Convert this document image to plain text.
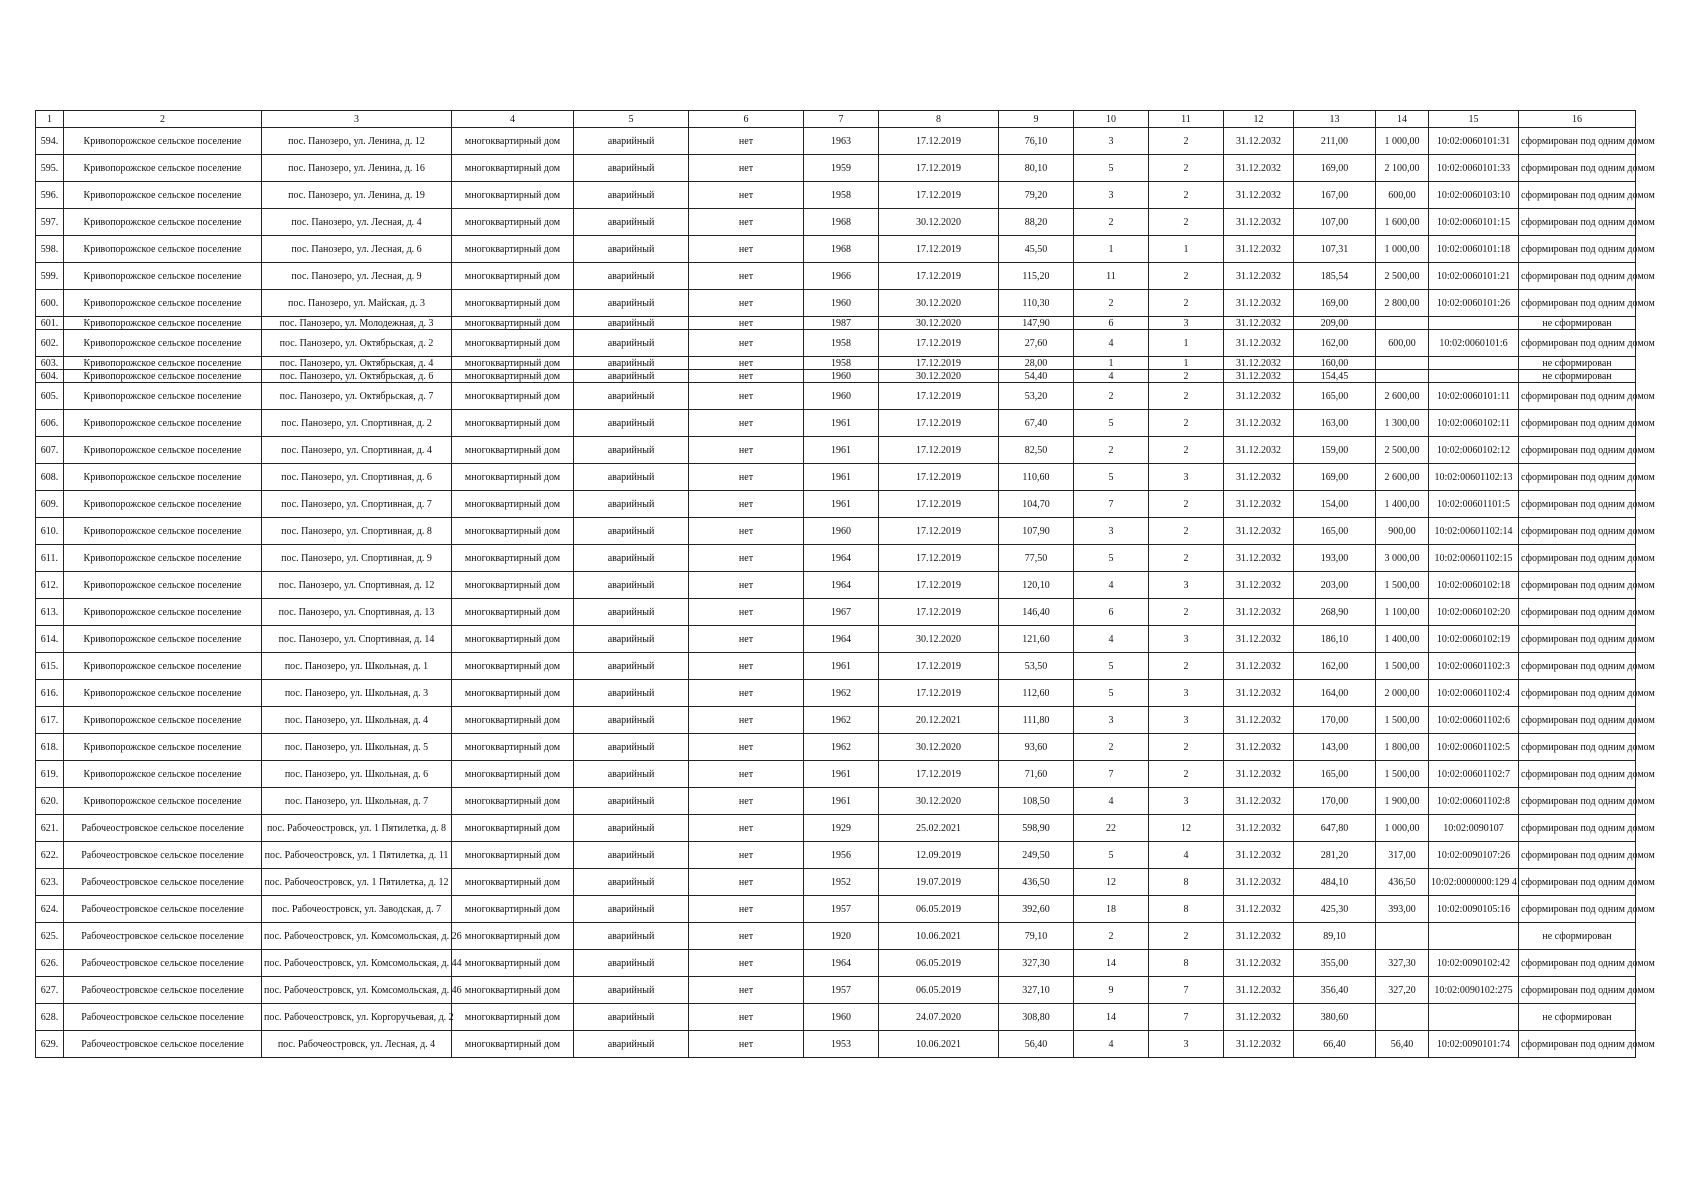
1	2	3	4	5	6	7	8	9	10	11	12	13	14	15	16
594.	Кривопорожское сельское поселение	пос. Панозеро, ул. Ленина, д. 12	многоквартирный дом	аварийный	нет	1963	17.12.2019	76,10	3	2	31.12.2032	211,00	1 000,00	10:02:0060101:31	сформирован под одним домом
595.	Кривопорожское сельское поселение	пос. Панозеро, ул. Ленина, д. 16	многоквартирный дом	аварийный	нет	1959	17.12.2019	80,10	5	2	31.12.2032	169,00	2 100,00	10:02:0060101:33	сформирован под одним домом
596.	Кривопорожское сельское поселение	пос. Панозеро, ул. Ленина, д. 19	многоквартирный дом	аварийный	нет	1958	17.12.2019	79,20	3	2	31.12.2032	167,00	600,00	10:02:0060103:10	сформирован под одним домом
597.	Кривопорожское сельское поселение	пос. Панозеро, ул. Лесная, д. 4	многоквартирный дом	аварийный	нет	1968	30.12.2020	88,20	2	2	31.12.2032	107,00	1 600,00	10:02:0060101:15	сформирован под одним домом
598.	Кривопорожское сельское поселение	пос. Панозеро, ул. Лесная, д. 6	многоквартирный дом	аварийный	нет	1968	17.12.2019	45,50	1	1	31.12.2032	107,31	1 000,00	10:02:0060101:18	сформирован под одним домом
599.	Кривопорожское сельское поселение	пос. Панозеро, ул. Лесная, д. 9	многоквартирный дом	аварийный	нет	1966	17.12.2019	115,20	11	2	31.12.2032	185,54	2 500,00	10:02:0060101:21	сформирован под одним домом
600.	Кривопорожское сельское поселение	пос. Панозеро, ул. Майская, д. 3	многоквартирный дом	аварийный	нет	1960	30.12.2020	110,30	2	2	31.12.2032	169,00	2 800,00	10:02:0060101:26	сформирован под одним домом
601.	Кривопорожское сельское поселение	пос. Панозеро, ул. Молодежная, д. 3	многоквартирный дом	аварийный	нет	1987	30.12.2020	147,90	6	3	31.12.2032	209,00			не сформирован
602.	Кривопорожское сельское поселение	пос. Панозеро, ул. Октябрьская, д. 2	многоквартирный дом	аварийный	нет	1958	17.12.2019	27,60	4	1	31.12.2032	162,00	600,00	10:02:0060101:6	сформирован под одним домом
603.	Кривопорожское сельское поселение	пос. Панозеро, ул. Октябрьская, д. 4	многоквартирный дом	аварийный	нет	1958	17.12.2019	28,00	1	1	31.12.2032	160,00			не сформирован
604.	Кривопорожское сельское поселение	пос. Панозеро, ул. Октябрьская, д. 6	многоквартирный дом	аварийный	нет	1960	30.12.2020	54,40	4	2	31.12.2032	154,45			не сформирован
605.	Кривопорожское сельское поселение	пос. Панозеро, ул. Октябрьская, д. 7	многоквартирный дом	аварийный	нет	1960	17.12.2019	53,20	2	2	31.12.2032	165,00	2 600,00	10:02:0060101:11	сформирован под одним домом
606.	Кривопорожское сельское поселение	пос. Панозеро, ул. Спортивная, д. 2	многоквартирный дом	аварийный	нет	1961	17.12.2019	67,40	5	2	31.12.2032	163,00	1 300,00	10:02:0060102:11	сформирован под одним домом
607.	Кривопорожское сельское поселение	пос. Панозеро, ул. Спортивная, д. 4	многоквартирный дом	аварийный	нет	1961	17.12.2019	82,50	2	2	31.12.2032	159,00	2 500,00	10:02:0060102:12	сформирован под одним домом
608.	Кривопорожское сельское поселение	пос. Панозеро, ул. Спортивная, д. 6	многоквартирный дом	аварийный	нет	1961	17.12.2019	110,60	5	3	31.12.2032	169,00	2 600,00	10:02:00601102:13	сформирован под одним домом
609.	Кривопорожское сельское поселение	пос. Панозеро, ул. Спортивная, д. 7	многоквартирный дом	аварийный	нет	1961	17.12.2019	104,70	7	2	31.12.2032	154,00	1 400,00	10:02:00601101:5	сформирован под одним домом
610.	Кривопорожское сельское поселение	пос. Панозеро, ул. Спортивная, д. 8	многоквартирный дом	аварийный	нет	1960	17.12.2019	107,90	3	2	31.12.2032	165,00	900,00	10:02:00601102:14	сформирован под одним домом
611.	Кривопорожское сельское поселение	пос. Панозеро, ул. Спортивная, д. 9	многоквартирный дом	аварийный	нет	1964	17.12.2019	77,50	5	2	31.12.2032	193,00	3 000,00	10:02:00601102:15	сформирован под одним домом
612.	Кривопорожское сельское поселение	пос. Панозеро, ул. Спортивная, д. 12	многоквартирный дом	аварийный	нет	1964	17.12.2019	120,10	4	3	31.12.2032	203,00	1 500,00	10:02:0060102:18	сформирован под одним домом
613.	Кривопорожское сельское поселение	пос. Панозеро, ул. Спортивная, д. 13	многоквартирный дом	аварийный	нет	1967	17.12.2019	146,40	6	2	31.12.2032	268,90	1 100,00	10:02:0060102:20	сформирован под одним домом
614.	Кривопорожское сельское поселение	пос. Панозеро, ул. Спортивная, д. 14	многоквартирный дом	аварийный	нет	1964	30.12.2020	121,60	4	3	31.12.2032	186,10	1 400,00	10:02:0060102:19	сформирован под одним домом
615.	Кривопорожское сельское поселение	пос. Панозеро, ул. Школьная, д. 1	многоквартирный дом	аварийный	нет	1961	17.12.2019	53,50	5	2	31.12.2032	162,00	1 500,00	10:02:00601102:3	сформирован под одним домом
616.	Кривопорожское сельское поселение	пос. Панозеро, ул. Школьная, д. 3	многоквартирный дом	аварийный	нет	1962	17.12.2019	112,60	5	3	31.12.2032	164,00	2 000,00	10:02:00601102:4	сформирован под одним домом
617.	Кривопорожское сельское поселение	пос. Панозеро, ул. Школьная, д. 4	многоквартирный дом	аварийный	нет	1962	20.12.2021	111,80	3	3	31.12.2032	170,00	1 500,00	10:02:00601102:6	сформирован под одним домом
618.	Кривопорожское сельское поселение	пос. Панозеро, ул. Школьная, д. 5	многоквартирный дом	аварийный	нет	1962	30.12.2020	93,60	2	2	31.12.2032	143,00	1 800,00	10:02:00601102:5	сформирован под одним домом
619.	Кривопорожское сельское поселение	пос. Панозеро, ул. Школьная, д. 6	многоквартирный дом	аварийный	нет	1961	17.12.2019	71,60	7	2	31.12.2032	165,00	1 500,00	10:02:00601102:7	сформирован под одним домом
620.	Кривопорожское сельское поселение	пос. Панозеро, ул. Школьная, д. 7	многоквартирный дом	аварийный	нет	1961	30.12.2020	108,50	4	3	31.12.2032	170,00	1 900,00	10:02:00601102:8	сформирован под одним домом
621.	Рабочеостровское сельское поселение	пос. Рабочеостровск, ул. 1 Пятилетка, д. 8	многоквартирный дом	аварийный	нет	1929	25.02.2021	598,90	22	12	31.12.2032	647,80	1 000,00	10:02:0090107	сформирован под одним домом
622.	Рабочеостровское сельское поселение	пос. Рабочеостровск, ул. 1 Пятилетка, д. 11	многоквартирный дом	аварийный	нет	1956	12.09.2019	249,50	5	4	31.12.2032	281,20	317,00	10:02:0090107:26	сформирован под одним домом
623.	Рабочеостровское сельское поселение	пос. Рабочеостровск, ул. 1 Пятилетка, д. 12	многоквартирный дом	аварийный	нет	1952	19.07.2019	436,50	12	8	31.12.2032	484,10	436,50	10:02:0000000:129 4	сформирован под одним домом
624.	Рабочеостровское сельское поселение	пос. Рабочеостровск, ул. Заводская, д. 7	многоквартирный дом	аварийный	нет	1957	06.05.2019	392,60	18	8	31.12.2032	425,30	393,00	10:02:0090105:16	сформирован под одним домом
625.	Рабочеостровское сельское поселение	пос. Рабочеостровск, ул. Комсомольская, д. 26	многоквартирный дом	аварийный	нет	1920	10.06.2021	79,10	2	2	31.12.2032	89,10			не сформирован
626.	Рабочеостровское сельское поселение	пос. Рабочеостровск, ул. Комсомольская, д. 44	многоквартирный дом	аварийный	нет	1964	06.05.2019	327,30	14	8	31.12.2032	355,00	327,30	10:02:0090102:42	сформирован под одним домом
627.	Рабочеостровское сельское поселение	пос. Рабочеостровск, ул. Комсомольская, д. 46	многоквартирный дом	аварийный	нет	1957	06.05.2019	327,10	9	7	31.12.2032	356,40	327,20	10:02:0090102:275	сформирован под одним домом
628.	Рабочеостровское сельское поселение	пос. Рабочеостровск, ул. Коргоручьевая, д. 2	многоквартирный дом	аварийный	нет	1960	24.07.2020	308,80	14	7	31.12.2032	380,60			не сформирован
629.	Рабочеостровское сельское поселение	пос. Рабочеостровск, ул. Лесная, д. 4	многоквартирный дом	аварийный	нет	1953	10.06.2021	56,40	4	3	31.12.2032	66,40	56,40	10:02:0090101:74	сформирован под одним домом
